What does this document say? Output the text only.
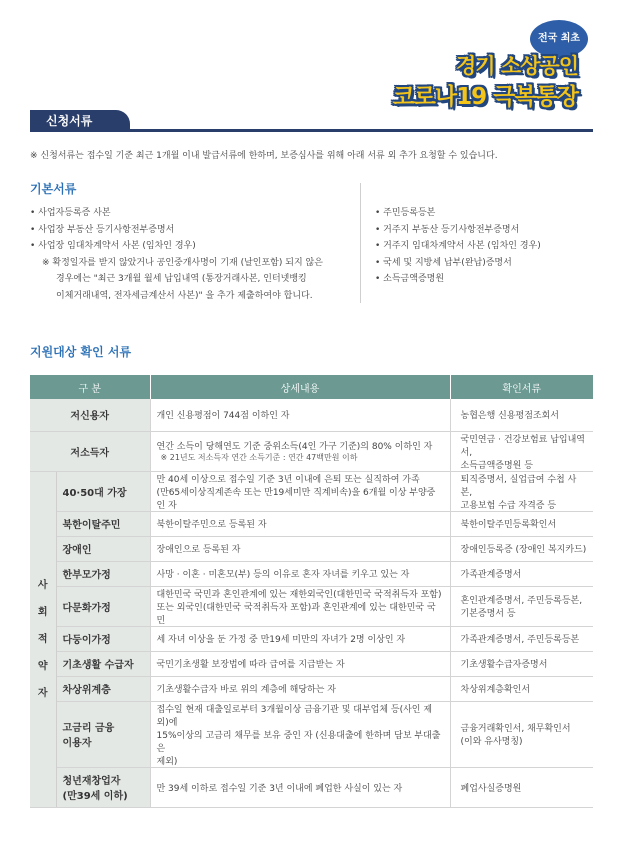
전국 최초
경기 소상공인
코로나19 극복통장
신청서류

※ 신청서류는 접수일 기준 최근 1개월 이내 발급서류에 한하며, 보증심사를 위해 아래 서류 외 추가 요청할 수 있습니다.

기본서류
• 사업자등록증 사본
• 사업장 부동산 등기사항전부증명서
• 사업장 임대차계약서 사본 (임차인 경우)
※ 확정일자를 받지 않았거나 공인중개사명이 기재 (날인포함) 되지 않은
경우에는 "최근 3개월 월세 납입내역 (통장거래사본, 인터넷뱅킹
이체거래내역, 전자세금계산서 사본)" 을 추가 제출하여야 합니다.
• 주민등록등본
• 거주지 부동산 등기사항전부증명서
• 거주지 임대차계약서 사본 (임차인 경우)
• 국세 및 지방세 납부(완납)증명서
• 소득금액증명원
지원대상 확인 서류
구 분		상세내용	확인서류
저신용자		개인 신용평점이 744점 이하인 자	농협은행 신용평점조회서

저소득자		연간 소득이 당해연도 기준 중위소득(4인 가구 기준)의 80% 이하인 자
※ 21년도 저소득자 연간 소득기준 : 연간 47백만원 이하	국민연금 · 건강보험료 납입내역서,
소득금액증명원 등

사
회
적
약
자	40·50대 가장	만 40세 이상으로 접수일 기준 3년 이내에 은퇴 또는 실직하여 가족
(만65세이상직계존속 또는 만19세미만 직계비속)을 6개월 이상 부양중인 자	퇴직증명서, 실업급여 수첩 사본,
고용보험 수급 자격증 등

	북한이탈주민	북한이탈주민으로 등록된 자	북한이탈주민등록확인서

	장애인	장애인으로 등록된 자	장애인등록증 (장애인 복지카드)

	한부모가정	사망 · 이혼 · 미혼모(부) 등의 이유로 혼자 자녀를 키우고 있는 자	가족관계증명서

	다문화가정	대한민국 국민과 혼인관계에 있는 재한외국인(대한민국 국적취득자 포함)
또는 외국인(대한민국 국적취득자 포함)과 혼인관계에 있는 대한민국 국민	혼인관계증명서, 주민등록등본,
기본증명서 등

	다둥이가정	세 자녀 이상을 둔 가정 중 만19세 미만의 자녀가 2명 이상인 자	가족관계증명서, 주민등록등본

	기초생활 수급자	국민기초생활 보장법에 따라 급여를 지급받는 자	기초생활수급자증명서

	차상위계층	기초생활수급자 바로 위의 계층에 해당하는 자	차상위계층확인서

	고금리 금융
이용자	접수일 현재 대출일로부터 3개월이상 금융기관 및 대부업체 등(사인 제외)에
15%이상의 고금리 채무를 보유 중인 자 (신용대출에 한하며 담보 부대출은
제외)	금융거래확인서, 채무확인서
(이와 유사명칭)

	청년재창업자
(만39세 이하)	만 39세 이하로 접수일 기준 3년 이내에 폐업한 사실이 있는 자	폐업사실증명원
